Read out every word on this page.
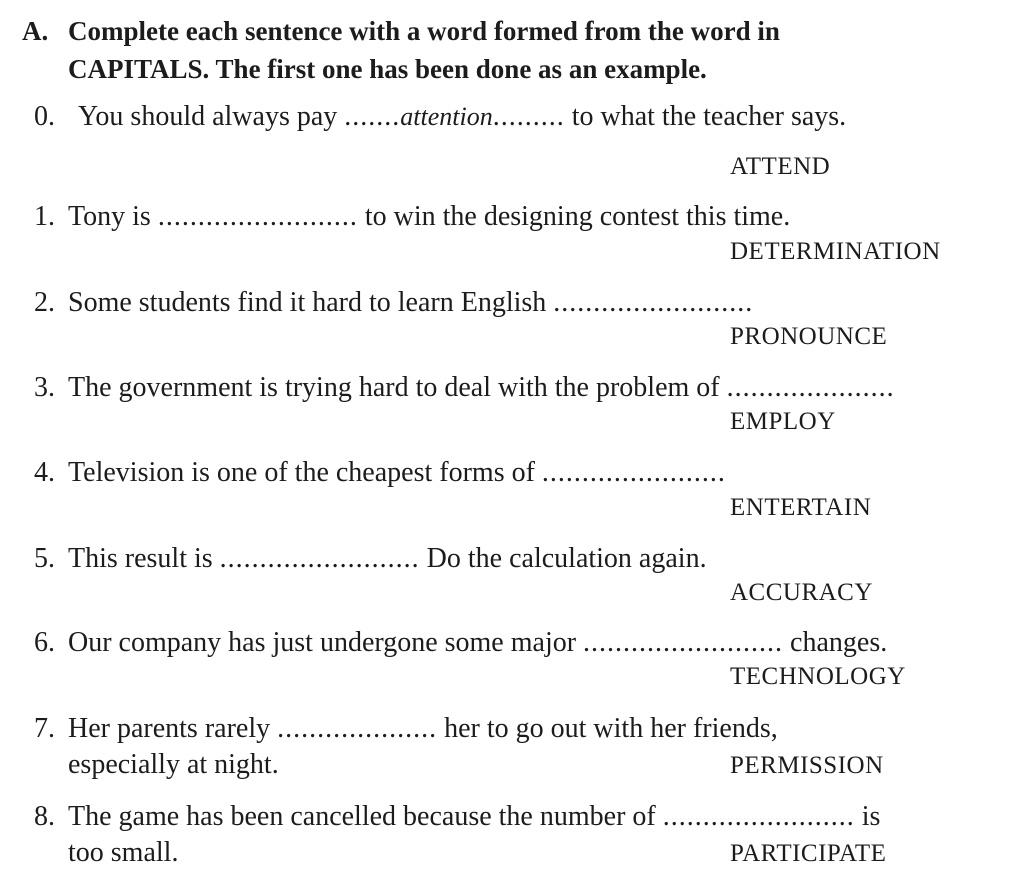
A. Complete each sentence with a word formed from the word in
CAPITALS. The first one has been done as an example.
0. You should always pay .......attention......... to what the teacher says.
ATTEND
1. Tony is ......................... to win the designing contest this time.
DETERMINATION
2. Some students find it hard to learn English .........................
PRONOUNCE
3. The government is trying hard to deal with the problem of .....................
EMPLOY
4. Television is one of the cheapest forms of .......................
ENTERTAIN
5. This result is ......................... Do the calculation again.
ACCURACY
6. Our company has just undergone some major ......................... changes.
TECHNOLOGY
7. Her parents rarely .................... her to go out with her friends,
especially at night.	PERMISSION
8. The game has been cancelled because the number of ........................ is
too small.	PARTICIPATE
